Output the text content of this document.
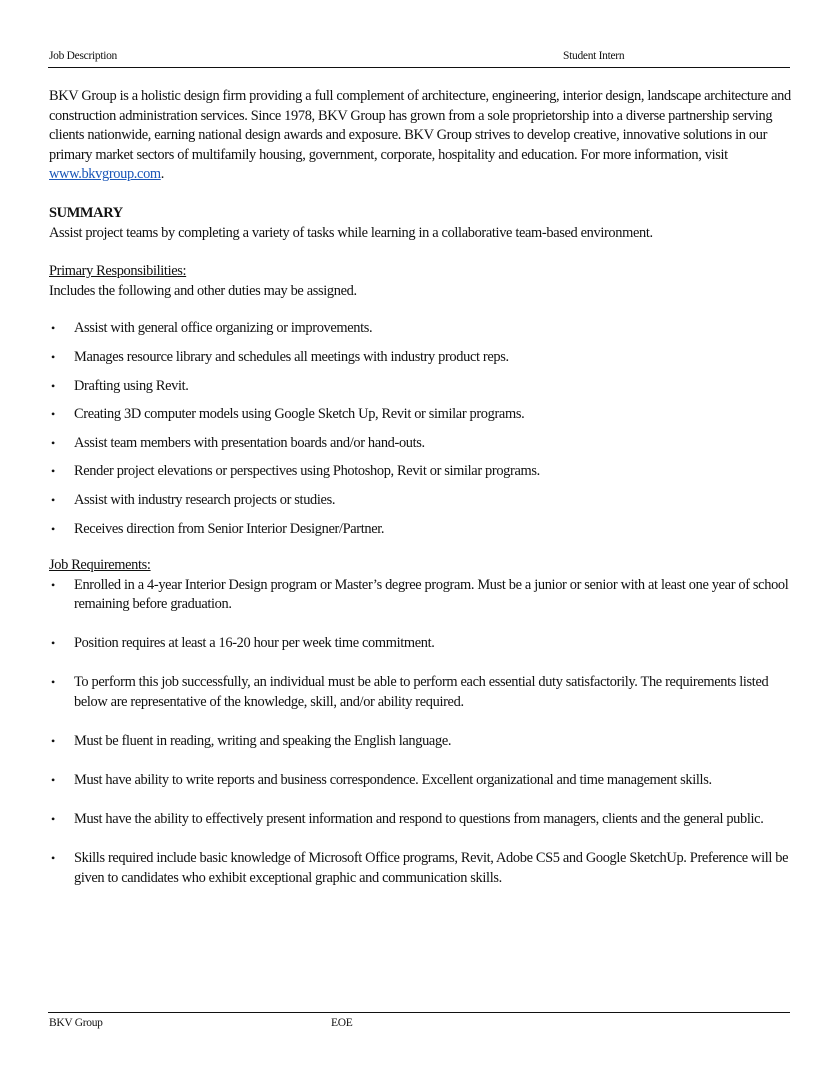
Job Description	Student Intern

BKV Group is a holistic design firm providing a full complement of architecture, engineering, interior design, landscape architecture and construction administration services. Since 1978, BKV Group has grown from a sole proprietorship into a diverse partnership serving clients nationwide, earning national design awards and exposure. BKV Group strives to develop creative, innovative solutions in our primary market sectors of multifamily housing, government, corporate, hospitality and education. For more information, visit www.bkvgroup.com.

SUMMARY

Assist project teams by completing a variety of tasks while learning in a collaborative team-based environment.

Primary Responsibilities:

Includes the following and other duties may be assigned.

• Assist with general office organizing or improvements.
• Manages resource library and schedules all meetings with industry product reps.
• Drafting using Revit.
• Creating 3D computer models using Google Sketch Up, Revit or similar programs.
• Assist team members with presentation boards and/or hand-outs.
• Render project elevations or perspectives using Photoshop, Revit or similar programs.
• Assist with industry research projects or studies.
• Receives direction from Senior Interior Designer/Partner.

Job Requirements:

• Enrolled in a 4-year Interior Design program or Master’s degree program. Must be a junior or senior with at least one year of school remaining before graduation.
• Position requires at least a 16-20 hour per week time commitment.
• To perform this job successfully, an individual must be able to perform each essential duty satisfactorily. The requirements listed below are representative of the knowledge, skill, and/or ability required.
• Must be fluent in reading, writing and speaking the English language.
• Must have ability to write reports and business correspondence. Excellent organizational and time management skills.
• Must have the ability to effectively present information and respond to questions from managers, clients and the general public.
• Skills required include basic knowledge of Microsoft Office programs, Revit, Adobe CS5 and Google SketchUp. Preference will be given to candidates who exhibit exceptional graphic and communication skills.
BKV Group	EOE
